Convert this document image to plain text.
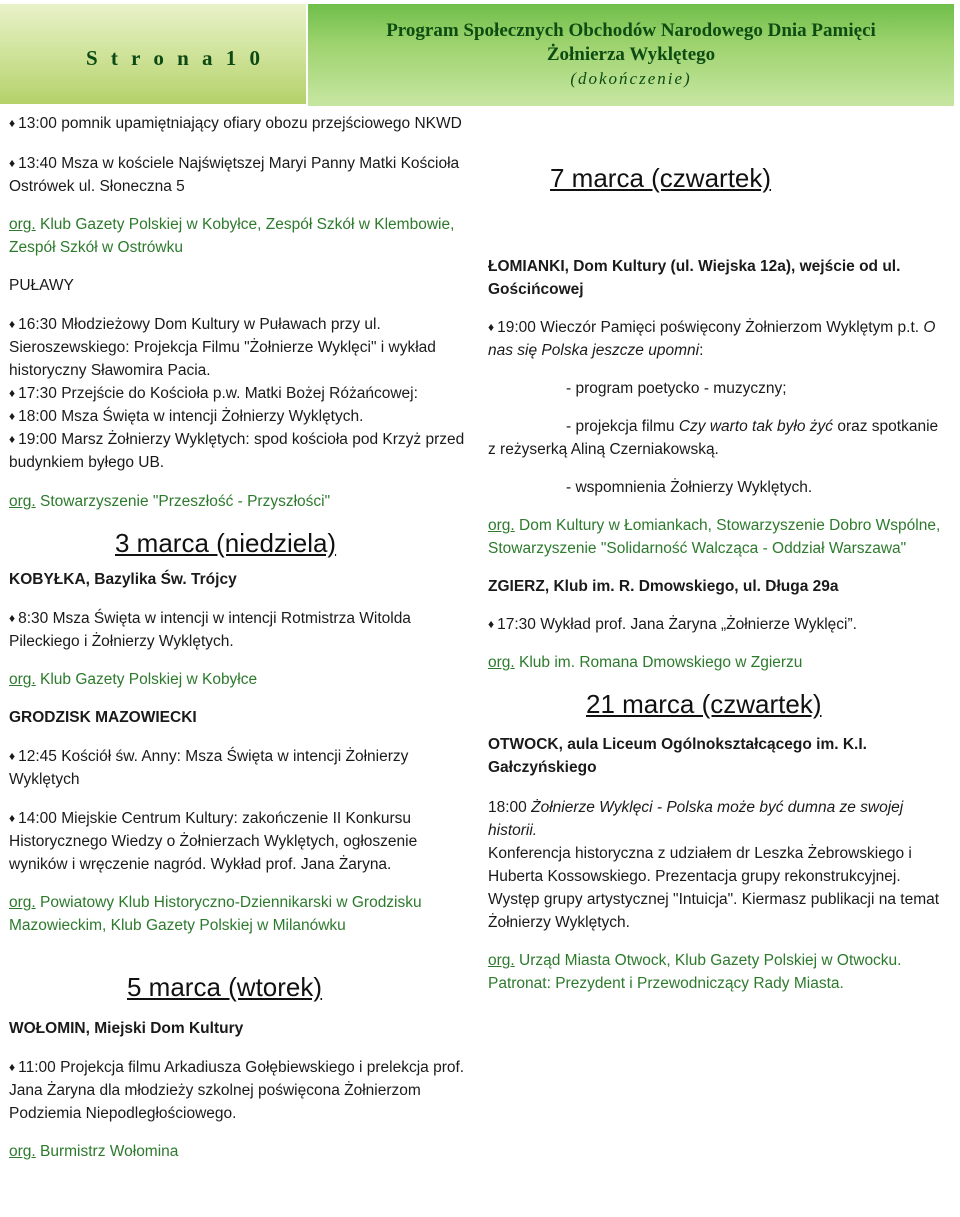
S t r o n a 1 0

Program Społecznych Obchodów Narodowego Dnia Pamięci Żołnierza Wyklętego

(dokończenie)

♦ 13:00 pomnik upamiętniający ofiary obozu przejściowego NKWD

♦ 13:40 Msza w kościele Najświętszej Maryi Panny Matki Kościoła Ostrówek ul. Słoneczna 5

org. Klub Gazety Polskiej w Kobyłce, Zespół Szkół w Klembowie, Zespół Szkół w Ostrówku

PUŁAWY

♦ 16:30 Młodzieżowy Dom Kultury w Puławach przy ul. Sieroszewskiego: Projekcja Filmu "Żołnierze Wyklęci" i wykład historyczny Sławomira Pacia.

♦ 17:30 Przejście do Kościoła p.w. Matki Bożej Różańcowej:

♦ 18:00 Msza Święta w intencji Żołnierzy Wyklętych.

♦ 19:00 Marsz Żołnierzy Wyklętych: spod kościoła pod Krzyż przed budynkiem byłego UB.

org. Stowarzyszenie "Przeszłość - Przyszłości"

3 marca (niedziela)

KOBYŁKA, Bazylika Św. Trójcy

♦ 8:30 Msza Święta w intencji w intencji Rotmistrza Witolda Pileckiego i Żołnierzy Wyklętych.

org. Klub Gazety Polskiej w Kobyłce

GRODZISK MAZOWIECKI

♦ 12:45 Kościół św. Anny: Msza Święta w intencji Żołnierzy Wyklętych

♦ 14:00 Miejskie Centrum Kultury: zakończenie II Konkursu Historycznego Wiedzy o Żołnierzach Wyklętych, ogłoszenie wyników i wręczenie nagród. Wykład prof. Jana Żaryna.

org. Powiatowy Klub Historyczno-Dziennikarski w Grodzisku Mazowieckim, Klub Gazety Polskiej w Milanówku

5 marca (wtorek)

WOŁOMIN, Miejski Dom Kultury

♦ 11:00 Projekcja filmu Arkadiusza Gołębiewskiego i prelekcja prof. Jana Żaryna dla młodzieży szkolnej poświęcona Żołnierzom Podziemia Niepodległościowego.

org. Burmistrz Wołomina

7 marca (czwartek)

ŁOMIANKI, Dom Kultury (ul. Wiejska 12a), wejście od ul. Gościńcowej

♦ 19:00 Wieczór Pamięci poświęcony Żołnierzom Wyklętym p.t. O nas się Polska jeszcze upomni:

- program poetycko - muzyczny;

- projekcja filmu Czy warto tak było żyć oraz spotkanie z reżyserką Aliną Czerniakowską.

- wspomnienia Żołnierzy Wyklętych.

org. Dom Kultury w Łomiankach, Stowarzyszenie Dobro Wspólne, Stowarzyszenie "Solidarność Walcząca - Oddział Warszawa"

ZGIERZ, Klub im. R. Dmowskiego, ul. Długa 29a

♦ 17:30 Wykład prof. Jana Żaryna „Żołnierze Wyklęci”.

org. Klub im. Romana Dmowskiego w Zgierzu

21 marca (czwartek)

OTWOCK, aula Liceum Ogólnokształcącego im. K.I. Gałczyńskiego

18:00 Żołnierze Wyklęci - Polska może być dumna ze swojej historii.

Konferencja historyczna z udziałem dr Leszka Żebrowskiego i Huberta Kossowskiego. Prezentacja grupy rekonstrukcyjnej. Występ grupy artystycznej "Intuicja". Kiermasz publikacji na temat Żołnierzy Wyklętych.

org. Urząd Miasta Otwock, Klub Gazety Polskiej w Otwocku. Patronat: Prezydent i Przewodniczący Rady Miasta.
